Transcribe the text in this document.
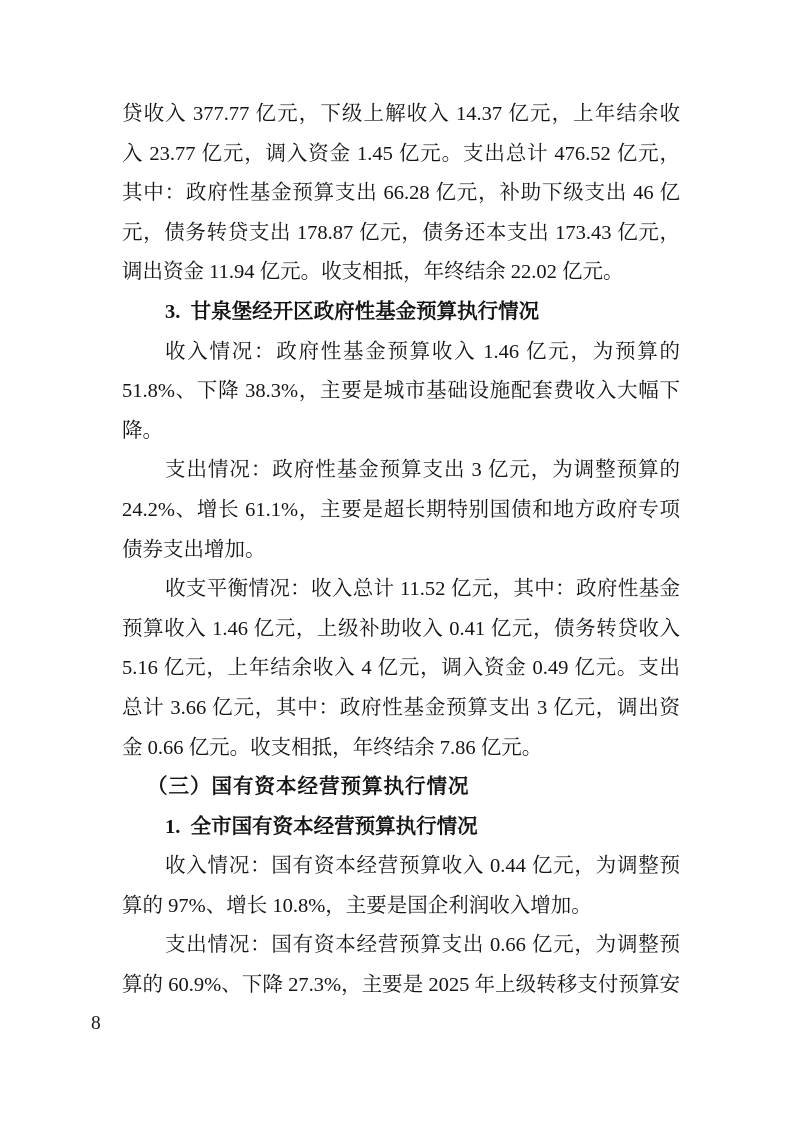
贷收入 377.77 亿元，下级上解收入 14.37 亿元，上年结余收
入 23.77 亿元，调入资金 1.45 亿元。支出总计 476.52 亿元，
其中：政府性基金预算支出 66.28 亿元，补助下级支出 46 亿
元，债务转贷支出 178.87 亿元，债务还本支出 173.43 亿元，
调出资金 11.94 亿元。收支相抵，年终结余 22.02 亿元。
3.  甘泉堡经开区政府性基金预算执行情况
收入情况：政府性基金预算收入 1.46 亿元，为预算的
51.8%、下降 38.3%，主要是城市基础设施配套费收入大幅下
降。
支出情况：政府性基金预算支出 3 亿元，为调整预算的
24.2%、增长 61.1%，主要是超长期特别国债和地方政府专项
债券支出增加。
收支平衡情况：收入总计 11.52 亿元，其中：政府性基金
预算收入 1.46 亿元，上级补助收入 0.41 亿元，债务转贷收入
5.16 亿元，上年结余收入 4 亿元，调入资金 0.49 亿元。支出
总计 3.66 亿元，其中：政府性基金预算支出 3 亿元，调出资
金 0.66 亿元。收支相抵，年终结余 7.86 亿元。
（三）国有资本经营预算执行情况
1.  全市国有资本经营预算执行情况
收入情况：国有资本经营预算收入 0.44 亿元，为调整预
算的 97%、增长 10.8%，主要是国企利润收入增加。
支出情况：国有资本经营预算支出 0.66 亿元，为调整预
算的 60.9%、下降 27.3%，主要是 2025 年上级转移支付预算安
8
